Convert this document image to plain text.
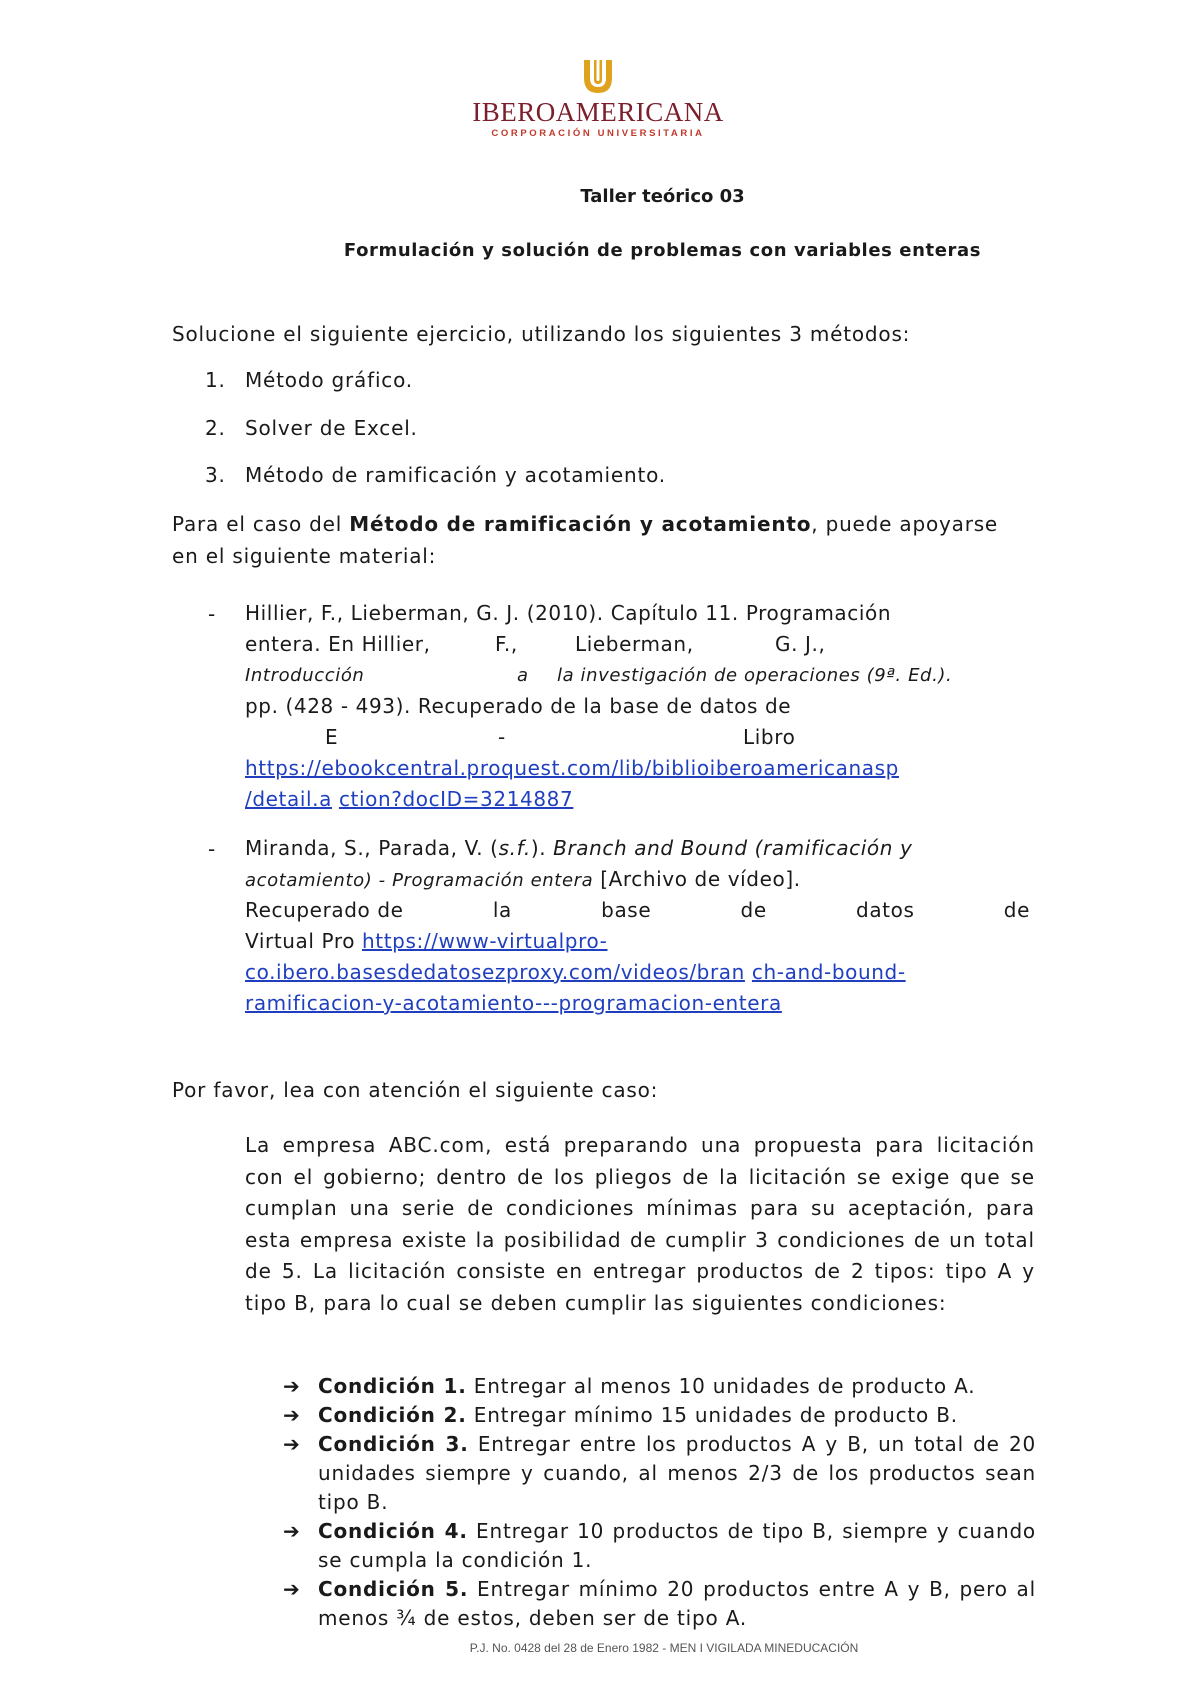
IBEROAMERICANA
CORPORACIÓN UNIVERSITARIA
Taller teórico 03
Formulación y solución de problemas con variables enteras
Solucione el siguiente ejercicio, utilizando los siguientes 3 métodos:
1. Método gráfico.
2. Solver de Excel.
3. Método de ramificación y acotamiento.
Para el caso del Método de ramificación y acotamiento, puede apoyarse
en el siguiente material:
- Hillier, F., Lieberman, G. J. (2010). Capítulo 11. Programación
entera. En Hillier,	F.,	Lieberman,	G. J.,
Introducción	a	la investigación de operaciones (9ª. Ed.).
pp. (428 - 493). Recuperado de la base de datos de
E	-	Libro
https://ebookcentral.proquest.com/lib/biblioiberoamericanasp
/detail.a ction?docID=3214887
- Miranda, S., Parada, V. (s.f.). Branch and Bound (ramificación y
acotamiento) - Programación entera [Archivo de vídeo].
Recuperado de	la	base	de	datos	de
Virtual Pro https://www-virtualpro-
co.ibero.basesdedatosezproxy.com/videos/bran ch-and-bound-
ramificacion-y-acotamiento---programacion-entera
Por favor, lea con atención el siguiente caso:

La empresa ABC.com, está preparando una propuesta para licitación con el gobierno; dentro de los pliegos de la licitación se exige que se cumplan una serie de condiciones mínimas para su aceptación, para esta empresa existe la posibilidad de cumplir 3 condiciones de un total de 5. La licitación consiste en entregar productos de 2 tipos: tipo A y tipo B, para lo cual se deben cumplir las siguientes condiciones:

➔ Condición 1. Entregar al menos 10 unidades de producto A.
➔ Condición 2. Entregar mínimo 15 unidades de producto B.
➔ Condición 3. Entregar entre los productos A y B, un total de 20 unidades siempre y cuando, al menos 2/3 de los productos sean tipo B.
➔ Condición 4. Entregar 10 productos de tipo B, siempre y cuando se cumpla la condición 1.
➔ Condición 5. Entregar mínimo 20 productos entre A y B, pero al menos ¾ de estos, deben ser de tipo A.
P.J. No. 0428 del 28 de Enero 1982 - MEN I VIGILADA MINEDUCACIÓN
